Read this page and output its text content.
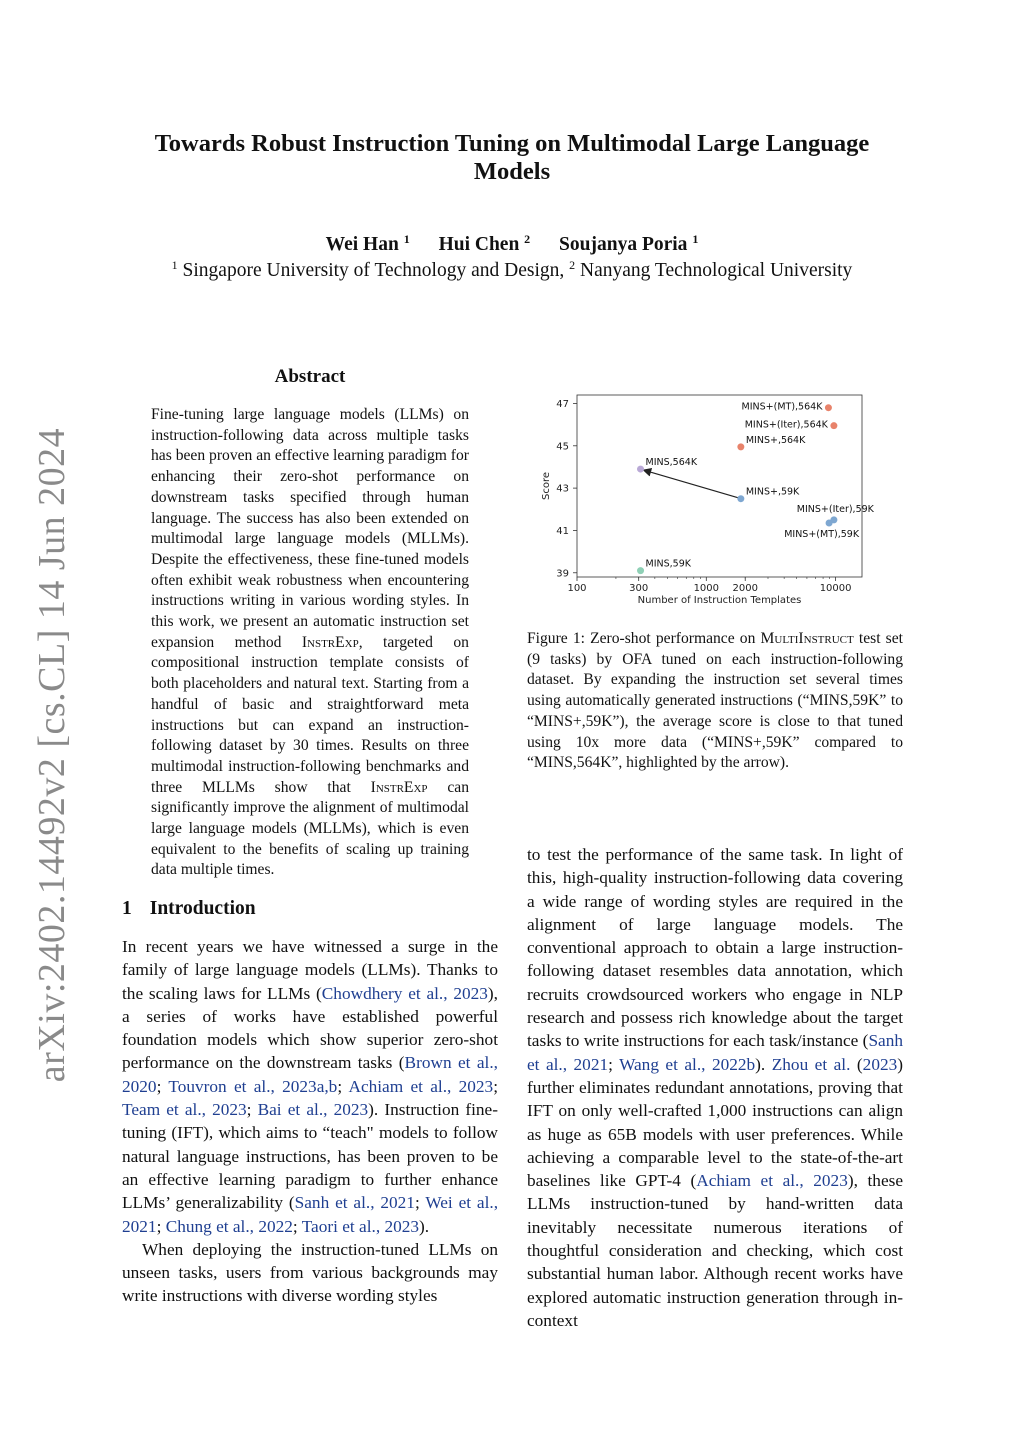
arXiv:2402.14492v2 [cs.CL] 14 Jun 2024
Towards Robust Instruction Tuning on Multimodal Large Language Models
Wei Han $^1$ Hui Chen $^2$ Soujanya Poria $^1$
$^1$ Singapore University of Technology and Design, $^2$ Nanyang Technological University
Abstract
Fine-tuning large language models (LLMs) on instruction-following data across multiple tasks has been proven an effective learning paradigm for enhancing their zero-shot performance on downstream tasks specified through human language. The success has also been extended on multimodal large language models (MLLMs). Despite the effectiveness, these fine-tuned models often exhibit weak robustness when encountering instructions writing in various wording styles. In this work, we present an automatic instruction set expansion method InstrExp, targeted on compositional instruction template consists of both placeholders and natural text. Starting from a handful of basic and straightforward meta instructions but can expand an instruction-following dataset by 30 times. Results on three multimodal instruction-following benchmarks and three MLLMs show that InstrExp can significantly improve the alignment of multimodal large language models (MLLMs), which is even equivalent to the benefits of scaling up training data multiple times.
1 Introduction

In recent years we have witnessed a surge in the family of large language models (LLMs). Thanks to the scaling laws for LLMs (Chowdhery et al., 2023), a series of works have established powerful foundation models which show superior zero-shot performance on the downstream tasks (Brown et al., 2020; Touvron et al., 2023a,b; Achiam et al., 2023; Team et al., 2023; Bai et al., 2023). Instruction fine-tuning (IFT), which aims to “teach" models to follow natural language instructions, has been proven to be an effective learning paradigm to further enhance LLMs’ generalizability (Sanh et al., 2021; Wei et al., 2021; Chung et al., 2022; Taori et al., 2023).

When deploying the instruction-tuned LLMs on unseen tasks, users from various backgrounds may write instructions with diverse wording styles

100	300	1000 2000	10000
39
41
43
45
47
Number of Instruction Templates
Score
MINS+(MT),564K
MINS+(Iter),564K
MINS+,564K
MINS,564K
MINS+,59K
MINS+(Iter),59K
MINS+(MT),59K
MINS,59K
Figure 1: Zero-shot performance on MultiInstruct test set (9 tasks) by OFA tuned on each instruction-following dataset. By expanding the instruction set several times using automatically generated instructions (“MINS,59K” to “MINS+,59K”), the average score is close to that tuned using 10x more data (“MINS+,59K” compared to “MINS,564K”, highlighted by the arrow).

to test the performance of the same task. In light of this, high-quality instruction-following data covering a wide range of wording styles are required in the alignment of large language models. The conventional approach to obtain a large instruction-following dataset resembles data annotation, which recruits crowdsourced workers who engage in NLP research and possess rich knowledge about the target tasks to write instructions for each task/instance (Sanh et al., 2021; Wang et al., 2022b). Zhou et al. (2023) further eliminates redundant annotations, proving that IFT on only well-crafted 1,000 instructions can align as huge as 65B models with user preferences. While achieving a comparable level to the state-of-the-art baselines like GPT-4 (Achiam et al., 2023), these LLMs instruction-tuned by hand-written data inevitably necessitate numerous iterations of thoughtful consideration and checking, which cost substantial human labor. Although recent works have explored automatic instruction generation through in-context
